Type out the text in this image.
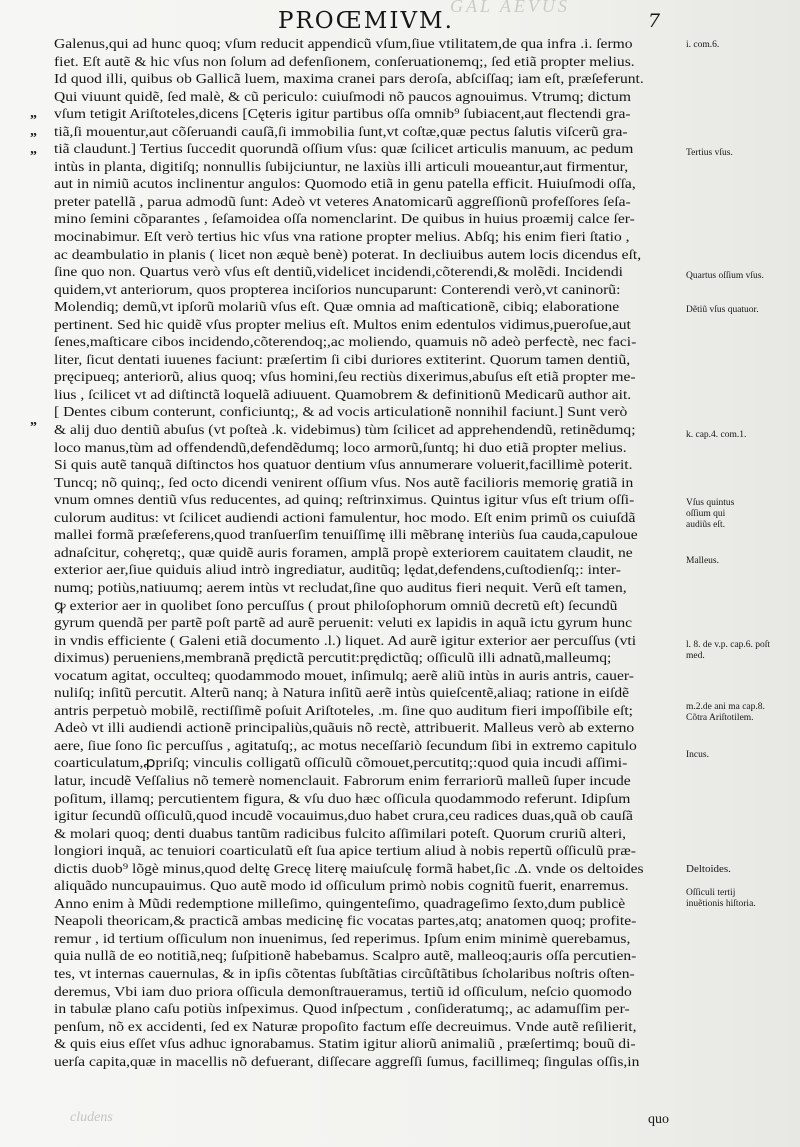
GAL AEVUS
PROŒMIVM.	7
„
„
„
„
Galenus,qui ad hunc quoq; vſum reducit appendicũ vſum,ſiue vtilitatem,de qua infra .i. ſermo
fiet. Eſt autẽ & hic vſus non ſolum ad defenſionem, conſeruationemq;, ſed etiã propter melius.
Id quod illi, quibus ob Gallicã luem, maxima cranei pars deroſa, abſciſſaq; iam eſt, præſeferunt.
Qui viuunt quidẽ, ſed malè, & cũ periculo: cuiuſmodi nõ paucos agnouimus. Vtrumq; dictum
vſum tetigit Ariſtoteles,dicens [Cęteris igitur partibus oſſa omnib⁹ ſubiacent,aut flectendi gra-
tiã,ſi mouentur,aut cõſeruandi cauſã,ſi immobilia ſunt,vt coſtæ,quæ pectus ſalutis viſcerũ gra-
tiã claudunt.] Tertius ſuccedit quorundã oſſium vſus: quæ ſcilicet articulis manuum, ac pedum
intùs in planta, digitiſq; nonnullis ſubijciuntur, ne laxiùs illi articuli moueantur,aut firmentur,
aut in nimiũ acutos inclinentur angulos: Quomodo etiã in genu patella efficit. Huiuſmodi oſſa,
preter patellã , parua admodũ ſunt: Adeò vt veteres Anatomicarũ aggreſſionũ profeſſores ſeſa-
mino ſemini cõparantes , ſeſamoidea oſſa nomenclarint. De quibus in huius proæmij calce ſer-
mocinabimur. Eſt verò tertius hic vſus vna ratione propter melius. Abſq; his enim fieri ſtatio ,
ac deambulatio in planis ( licet non æquè benè) poterat. In decliuibus autem locis dicendus eſt,
ſine quo non. Quartus verò vſus eſt dentiũ,videlicet incidendi,cõterendi,& molẽdi. Incidendi
quidem,vt anteriorum, quos propterea inciſorios nuncuparunt: Conterendi verò,vt caninorũ:
Molendiq; demũ,vt ipſorũ molariũ vſus eſt. Quæ omnia ad maſticationẽ, cibiq; elaboratione
pertinent. Sed hic quidẽ vſus propter melius eſt. Multos enim edentulos vidimus,pueroſue,aut
ſenes,maſticare cibos incidendo,cõterendoq;,ac moliendo, quamuis nõ adeò perfectè, nec faci-
liter, ſicut dentati iuuenes faciunt: præſertim ſi cibi duriores extiterint. Quorum tamen dentiũ,
pręcipueq; anteriorũ, alius quoq; vſus homini,ſeu rectiùs dixerimus,abuſus eſt etiã propter me-
lius , ſcilicet vt ad diſtinctã loquelã adiuuent. Quamobrem & definitionũ Medicarũ author ait.
[ Dentes cibum conterunt, conficiuntq;, & ad vocis articulationẽ nonnihil faciunt.] Sunt verò
& alij duo dentiũ abuſus (vt poſteà .k. videbimus) tùm ſcilicet ad apprehendendũ, retinẽdumq;
loco manus,tùm ad offendendũ,defendẽdumq; loco armorũ,ſuntq; hi duo etiã propter melius.
Si quis autẽ tanquã diſtinctos hos quatuor dentium vſus annumerare voluerit,facillimè poterit.
Tuncq; nõ quinq;, ſed octo dicendi venirent oſſium vſus. Nos autẽ facilioris memorię gratiã in
vnum omnes dentiũ vſus reducentes, ad quinq; reſtrinximus. Quintus igitur vſus eſt trium oſſi-
culorum auditus: vt ſcilicet audiendi actioni famulentur, hoc modo. Eſt enim primũ os cuiuſdã
mallei formã præſeferens,quod tranſuerſim tenuiſſimę illi mẽbranę interiùs ſua cauda,capuloue
adnaſcitur, cohęretq;, quæ quidẽ auris foramen, amplã propè exteriorem cauitatem claudit, ne
exterior aer,ſiue quiduis aliud intrò ingrediatur, auditũq; lędat,defendens,cuſtodienſq;: inter-
numq; potiùs,natiuumq; aerem intùs vt recludat,ſine quo auditus fieri nequit. Verũ eſt tamen,
ꝙ exterior aer in quolibet ſono percuſſus ( prout philoſophorum omniũ decretũ eſt) ſecundũ
gyrum quendã per partẽ poſt partẽ ad aurẽ peruenit: veluti ex lapidis in aquã ictu gyrum hunc
in vndis efficiente ( Galeni etiã documento .l.) liquet. Ad aurẽ igitur exterior aer percuſſus (vti
diximus) perueniens,membranã prędictã percutit:prędictũq; oſſiculũ illi adnatũ,malleumq;
vocatum agitat, occulteq; quodammodo mouet, inſimulq; aerẽ aliũ intùs in auris antris, cauer-
nuliſq; inſitũ percutit. Alterũ nanq; à Natura inſitũ aerẽ intùs quieſcentẽ,aliaq; ratione in eiſdẽ
antris perpetuò mobilẽ, rectiſſimẽ poſuit Ariſtoteles, .m. ſine quo auditum fieri impoſſibile eſt;
Adeò vt illi audiendi actionẽ principaliùs,quãuis nõ rectè, attribuerit. Malleus verò ab externo
aere, ſiue ſono ſic percuſſus , agitatuſq;, ac motus neceſſariò ſecundum ſibi in extremo capitulo
coarticulatum,ꝓpriſq; vinculis colligatũ oſſiculũ cõmouet,percutitq;:quod quia incudi aſſimi-
latur, incudẽ Veſſalius nõ temerè nomenclauit. Fabrorum enim ferrariorũ malleũ ſuper incude
poſitum, illamq; percutientem figura, & vſu duo hæc oſſicula quodammodo referunt. Idipſum
igitur ſecundũ oſſiculũ,quod incudẽ vocauimus,duo habet crura,ceu radices duas,quã ob cauſã
& molari quoq; denti duabus tantũm radicibus fulcito aſſimilari poteſt. Quorum cruriũ alteri,
longiori inquã, ac tenuiori coarticulatũ eſt ſua apice tertium aliud à nobis repertũ oſſiculũ præ-
dictis duob⁹ lõgè minus,quod deltę Grecę literę maiuſculę formã habet,ſic .Δ. vnde os deltoides
aliquãdo nuncupauimus. Quo autẽ modo id oſſiculum primò nobis cognitũ fuerit, enarremus.
Anno enim à Mũdi redemptione milleſimo, quingenteſimo, quadrageſimo ſexto,dum publicè
Neapoli theoricam,& practicã ambas medicinę fic vocatas partes,atq; anatomen quoq; profite-
remur , id tertium oſſiculum non inuenimus, ſed reperimus. Ipſum enim minimè querebamus,
quia nullã de eo notitiã,neq; ſuſpitionẽ habebamus. Scalpro autẽ, malleoq;auris oſſa percutien-
tes, vt internas cauernulas, & in ipſis cõtentas ſubſtãtias circũſtãtibus ſcholaribus noſtris oſten-
deremus, Vbi iam duo priora oſſicula demonſtraueramus, tertiũ id oſſiculum, neſcio quomodo
in tabulæ plano caſu potiùs inſpeximus. Quod inſpectum , conſideratumq;, ac adamuſſim per-
penſum, nõ ex accidenti, ſed ex Naturæ propoſito factum eſſe decreuimus. Vnde autẽ reſilierit,
& quis eius eſſet vſus adhuc ignorabamus. Statim igitur aliorũ animaliũ , præſertimq; bouũ di-
uerſa capita,quæ in macellis nõ defuerant, diſſecare aggreſſi ſumus, facillimeq; ſingulas oſſis,in
i. com.6.
Tertius vſus.
Quartus oſſium vſus.
Dẽtiũ vſus quatuor.
k. cap.4. com.1.
Vſus quintus oſſium qui audiũs eſt.
Malleus.
l. 8. de v.p. cap.6. poſt med.
m.2.de ani ma cap.8. Cõtra Ariſtotilem.
Incus.
Deltoides.
Oſſiculi tertij inuẽtionis hiſtoria.
quo
cludens
